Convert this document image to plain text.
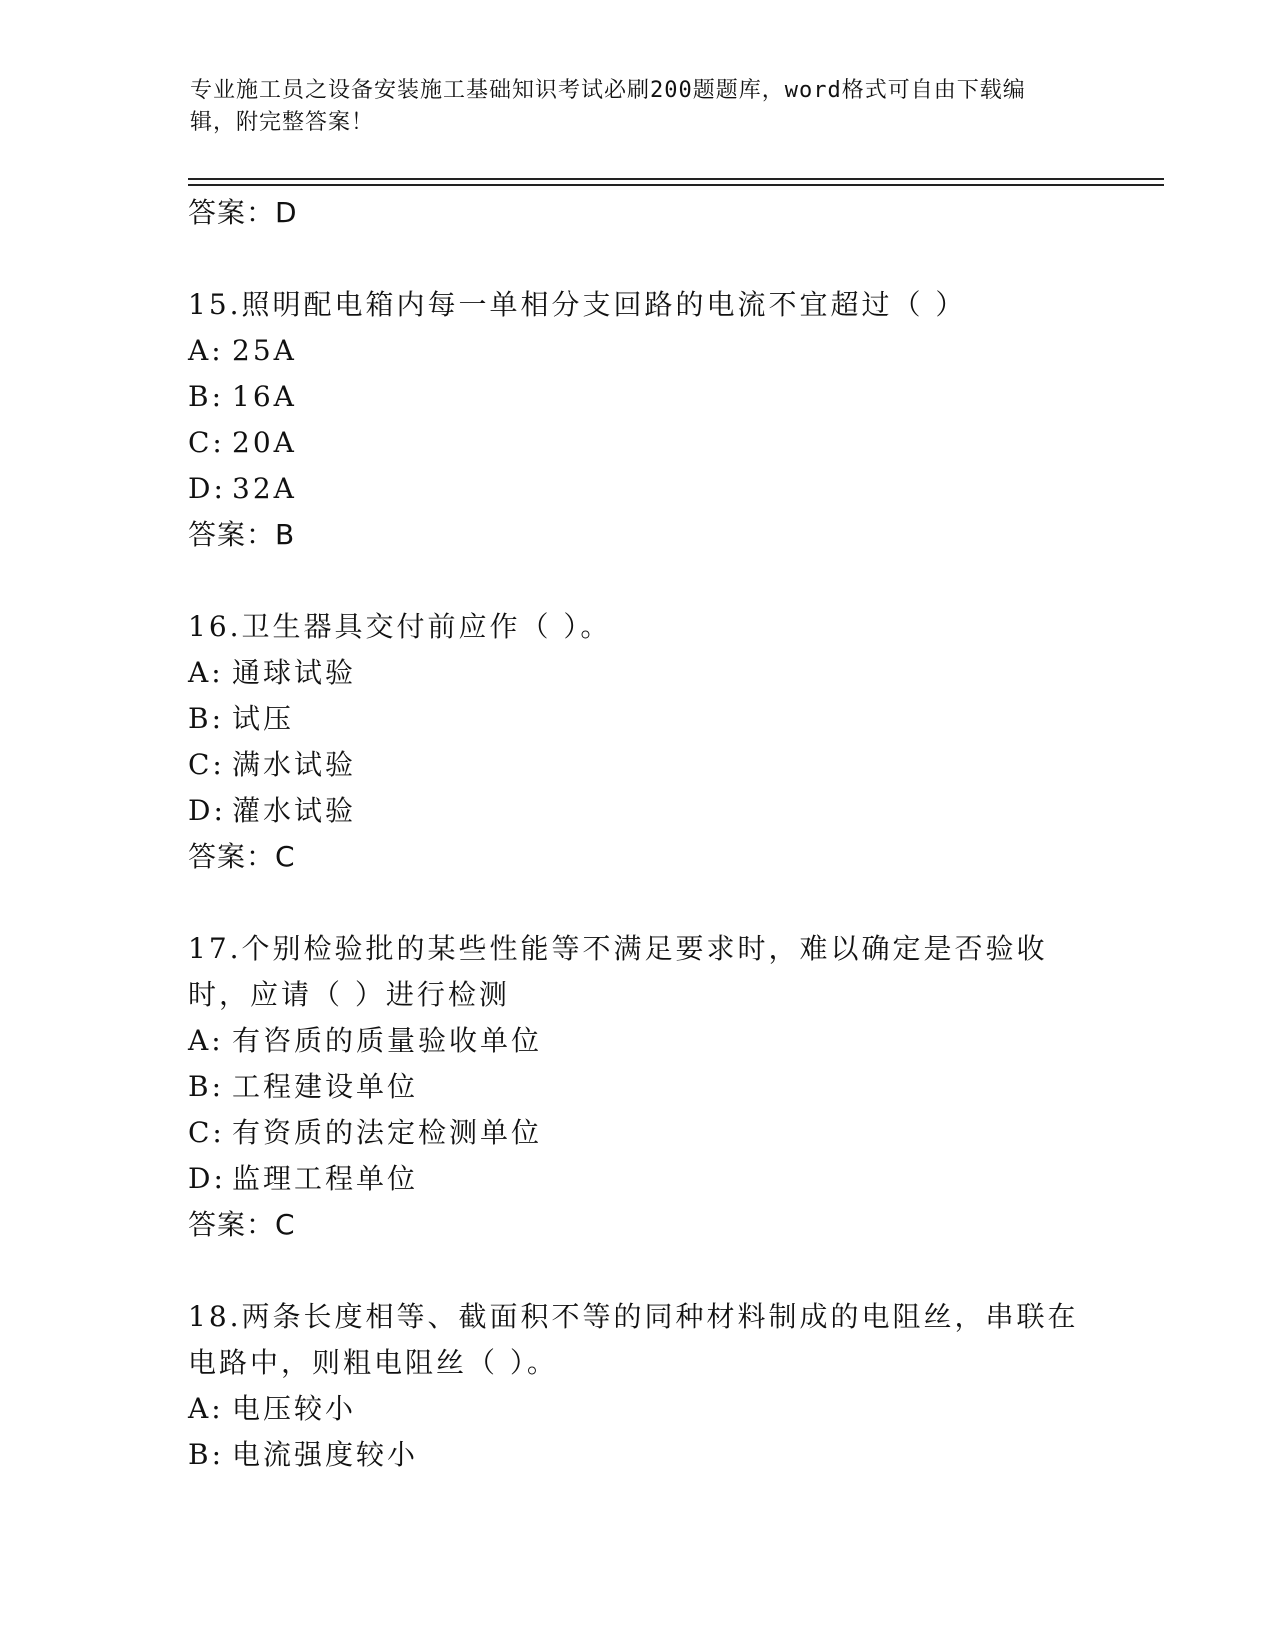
专业施工员之设备安装施工基础知识考试必刷200题题库，word格式可自由下载编辑，附完整答案！
答案：D
15.照明配电箱内每一单相分支回路的电流不宜超过（ ）
A: 25A
B: 16A
C: 20A
D: 32A
答案：B
16.卫生器具交付前应作（ ）。
A: 通球试验
B: 试压
C: 满水试验
D: 灌水试验
答案：C
17.个别检验批的某些性能等不满足要求时，难以确定是否验收时，应请（ ）进行检测
A: 有咨质的质量验收单位
B: 工程建设单位
C: 有资质的法定检测单位
D: 监理工程单位
答案：C
18.两条长度相等、截面积不等的同种材料制成的电阻丝，串联在电路中，则粗电阻丝（ ）。
A: 电压较小
B: 电流强度较小
